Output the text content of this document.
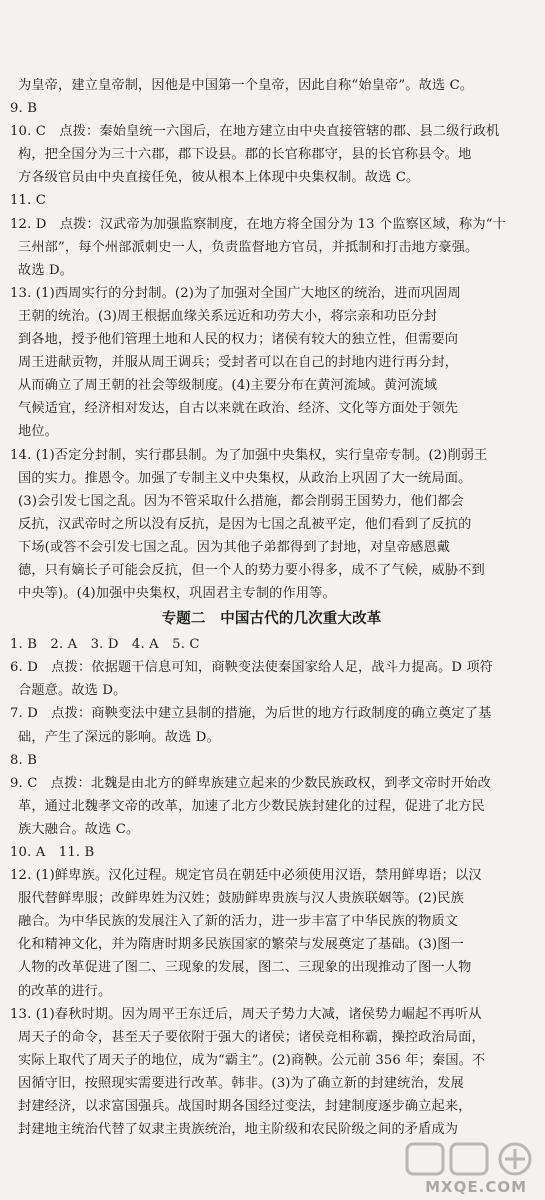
为皇帝，建立皇帝制，因他是中国第一个皇帝，因此自称“始皇帝”。故选 C。
9. B
10. C　点拨：秦始皇统一六国后，在地方建立由中央直接管辖的郡、县二级行政机
构，把全国分为三十六郡，郡下设县。郡的长官称郡守，县的长官称县令。地
方各级官员由中央直接任免，彼从根本上体现中央集权制。故选 C。
11. C
12. D　点拨：汉武帝为加强监察制度，在地方将全国分为 13 个监察区域，称为“十
三州部”，每个州部派刺史一人，负责监督地方官员，并抵制和打击地方豪强。
故选 D。
13. (1)西周实行的分封制。(2)为了加强对全国广大地区的统治，进而巩固周
王朝的统治。(3)周王根据血缘关系远近和功劳大小，将宗亲和功臣分封
到各地，授予他们管理土地和人民的权力；诸侯有较大的独立性，但需要向
周王进献贡物，并服从周王调兵；受封者可以在自己的封地内进行再分封，
从而确立了周王朝的社会等级制度。(4)主要分布在黄河流域。黄河流域
气候适宜，经济相对发达，自古以来就在政治、经济、文化等方面处于领先
地位。
14. (1)否定分封制，实行郡县制。为了加强中央集权，实行皇帝专制。(2)削弱王
国的实力。推恩令。加强了专制主义中央集权，从政治上巩固了大一统局面。
(3)会引发七国之乱。因为不管采取什么措施，都会削弱王国势力，他们都会
反抗，汉武帝时之所以没有反抗，是因为七国之乱被平定，他们看到了反抗的
下场(或答不会引发七国之乱。因为其他子弟都得到了封地，对皇帝感恩戴
德，只有嫡长子可能会反抗，但一个人的势力要小得多，成不了气候，威胁不到
中央等)。(4)加强中央集权，巩固君主专制的作用等。
专题二　中国古代的几次重大改革
1. B　2. A　3. D　4. A　5. C
6. D　点拨：依据题干信息可知，商鞅变法使秦国家给人足，战斗力提高。D 项符
合题意。故选 D。
7. D　点拨：商鞅变法中建立县制的措施，为后世的地方行政制度的确立奠定了基
础，产生了深远的影响。故选 D。
8. B
9. C　点拨：北魏是由北方的鲜卑族建立起来的少数民族政权，到孝文帝时开始改
革，通过北魏孝文帝的改革，加速了北方少数民族封建化的过程，促进了北方民
族大融合。故选 C。
10. A　11. B
12. (1)鲜卑族。汉化过程。规定官员在朝廷中必须使用汉语，禁用鲜卑语；以汉
服代替鲜卑服；改鲜卑姓为汉姓；鼓励鲜卑贵族与汉人贵族联姻等。(2)民族
融合。为中华民族的发展注入了新的活力，进一步丰富了中华民族的物质文
化和精神文化，并为隋唐时期多民族国家的繁荣与发展奠定了基础。(3)图一
人物的改革促进了图二、三现象的发展，图二、三现象的出现推动了图一人物
的改革的进行。
13. (1)春秋时期。因为周平王东迁后，周天子势力大减，诸侯势力崛起不再听从
周天子的命令，甚至天子要依附于强大的诸侯；诸侯竞相称霸，操控政治局面，
实际上取代了周天子的地位，成为“霸主”。(2)商鞅。公元前 356 年；秦国。不
因循守旧，按照现实需要进行改革。韩非。(3)为了确立新的封建统治，发展
封建经济，以求富国强兵。战国时期各国经过变法，封建制度逐步确立起来，
封建地主统治代替了奴隶主贵族统治，地主阶级和农民阶级之间的矛盾成为
MXQE.COM
